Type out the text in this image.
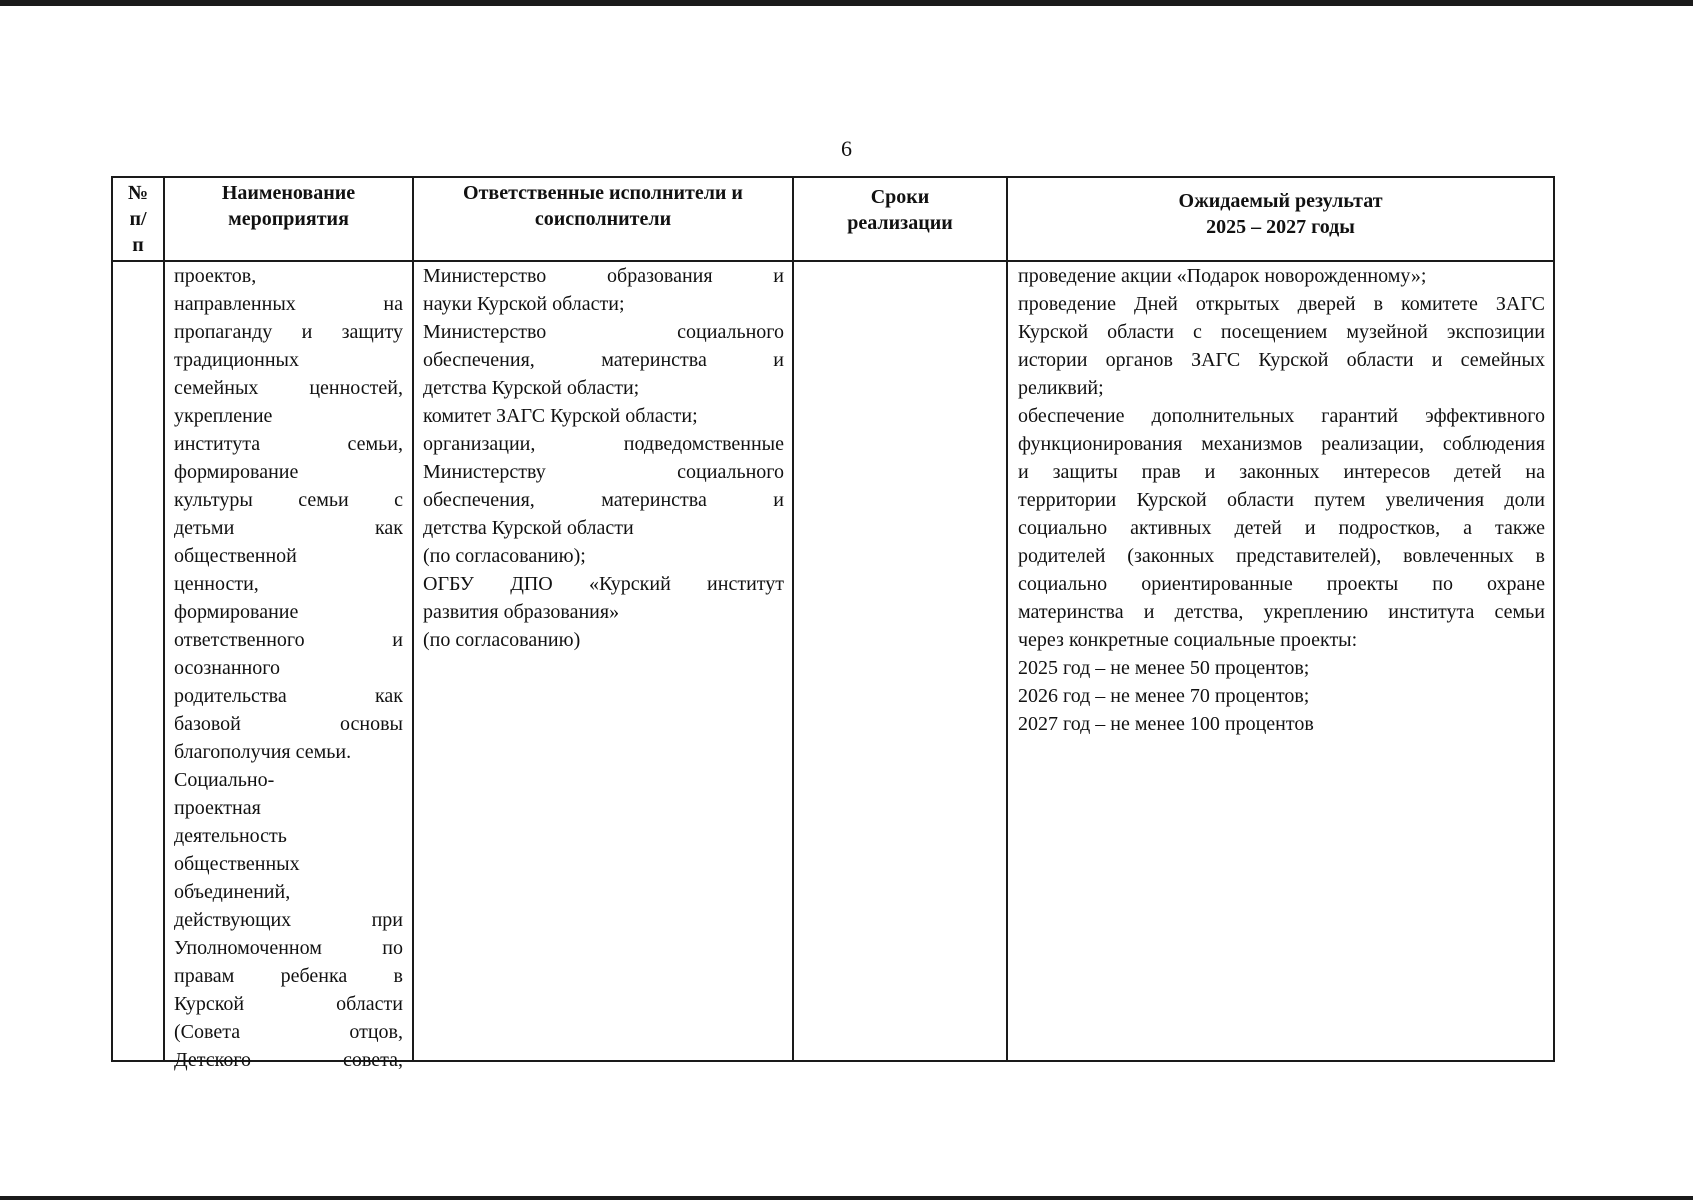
6
№
п/
п
Наименование
мероприятия
Ответственные исполнители и
соисполнители
Сроки
реализации
Ожидаемый результат
2025 – 2027 годы
проектов,
направленных на
пропаганду и защиту
традиционных
семейных ценностей,
укрепление
института семьи,
формирование
культуры семьи с
детьми как
общественной
ценности,
формирование
ответственного и
осознанного
родительства как
базовой основы
благополучия семьи.
Социально-
проектная
деятельность
общественных
объединений,
действующих при
Уполномоченном по
правам ребенка в
Курской области
(Совета отцов,
Детского совета,
Министерство образования и
науки Курской области;
Министерство социального
обеспечения, материнства и
детства Курской области;
комитет ЗАГС Курской области;
организации, подведомственные
Министерству социального
обеспечения, материнства и
детства Курской области
(по согласованию);
ОГБУ ДПО «Курский институт
развития образования»
(по согласованию)
проведение акции «Подарок новорожденному»;
проведение Дней открытых дверей в комитете ЗАГС
Курской области с посещением музейной экспозиции
истории органов ЗАГС Курской области и семейных
реликвий;
обеспечение дополнительных гарантий эффективного
функционирования механизмов реализации, соблюдения
и защиты прав и законных интересов детей на
территории Курской области путем увеличения доли
социально активных детей и подростков, а также
родителей (законных представителей), вовлеченных в
социально ориентированные проекты по охране
материнства и детства, укреплению института семьи
через конкретные социальные проекты:
2025 год – не менее 50 процентов;
2026 год – не менее 70 процентов;
2027 год – не менее 100 процентов
